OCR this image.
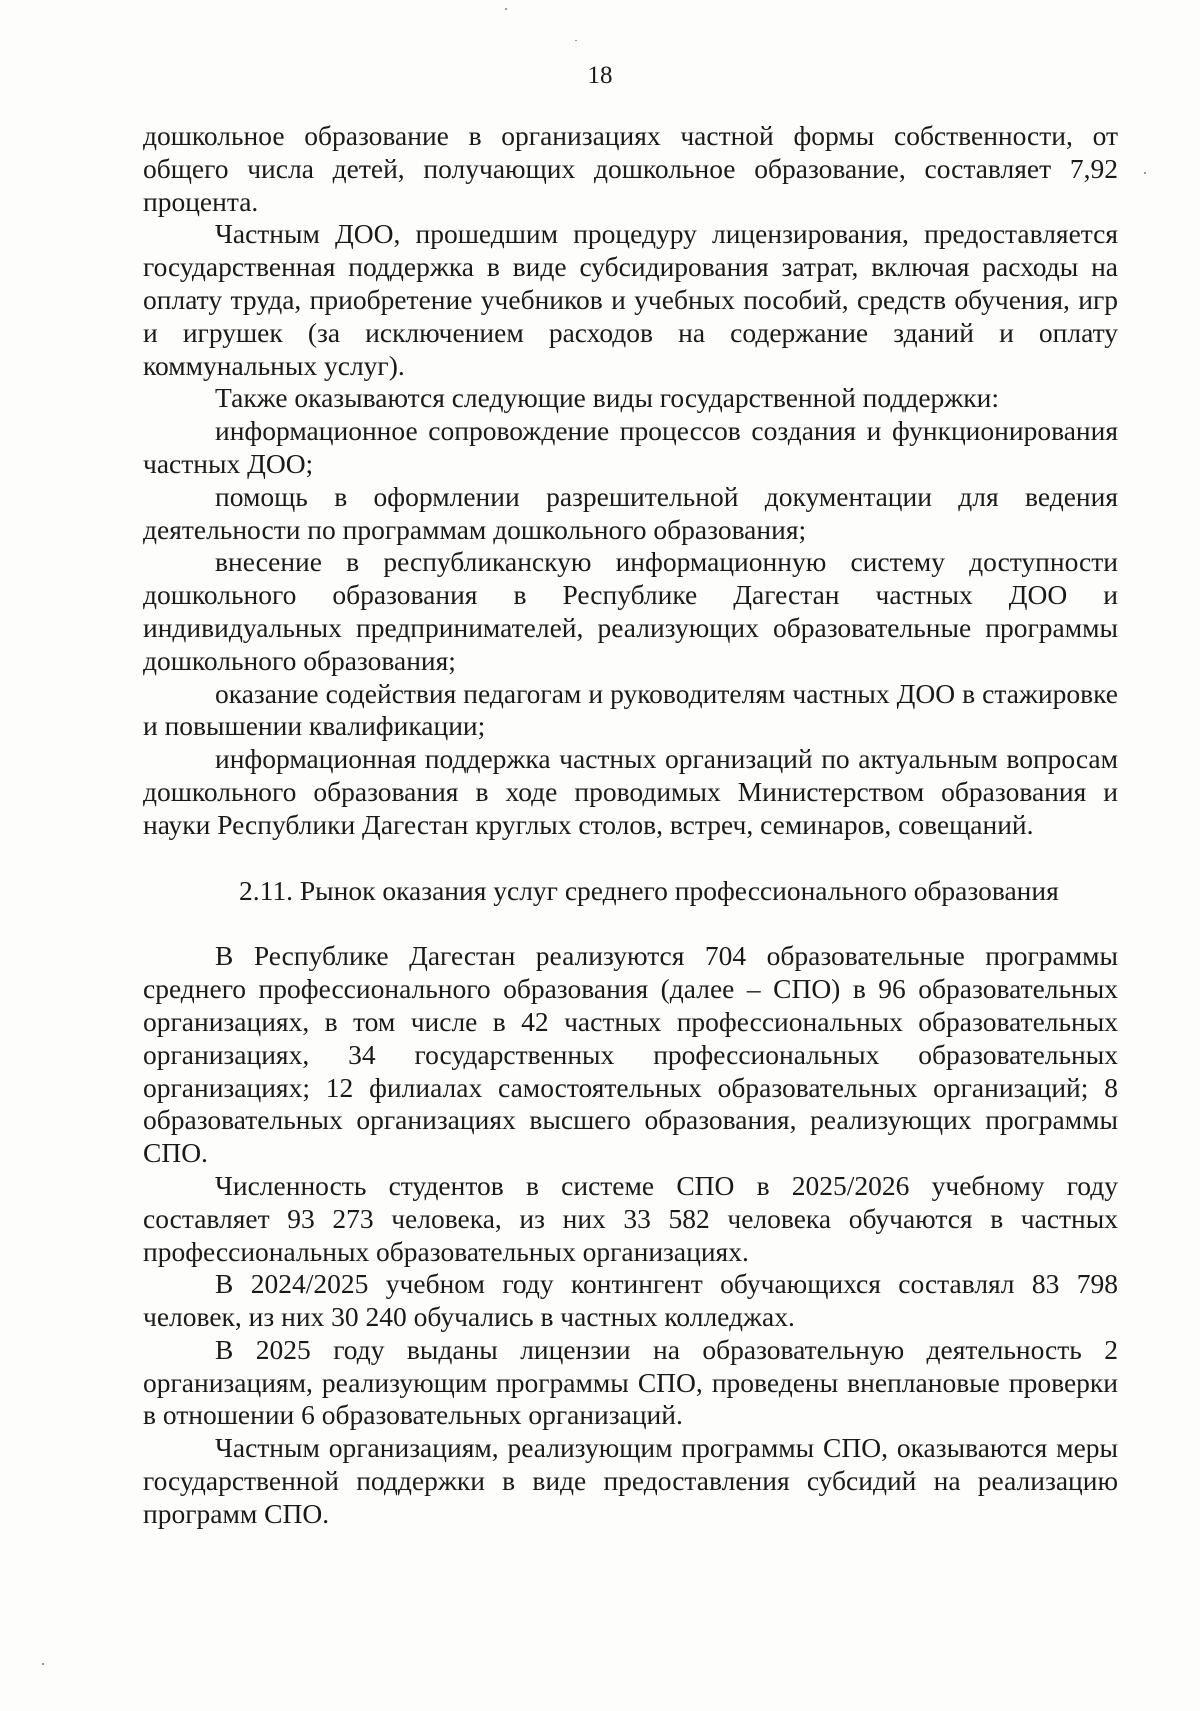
18

дошкольное образование в организациях частной формы собственности, от общего числа детей, получающих дошкольное образование, составляет 7,92 процента.

Частным ДОО, прошедшим процедуру лицензирования, предоставляется государственная поддержка в виде субсидирования затрат, включая расходы на оплату труда, приобретение учебников и учебных пособий, средств обучения, игр и игрушек (за исключением расходов на содержание зданий и оплату коммунальных услуг).

Также оказываются следующие виды государственной поддержки:

информационное сопровождение процессов создания и функционирования частных ДОО;

помощь в оформлении разрешительной документации для ведения деятельности по программам дошкольного образования;

внесение в республиканскую информационную систему доступности дошкольного образования в Республике Дагестан частных ДОО и индивидуальных предпринимателей, реализующих образовательные программы дошкольного образования;

оказание содействия педагогам и руководителям частных ДОО в стажировке и повышении квалификации;

информационная поддержка частных организаций по актуальным вопросам дошкольного образования в ходе проводимых Министерством образования и науки Республики Дагестан круглых столов, встреч, семинаров, совещаний.

2.11. Рынок оказания услуг среднего профессионального образования

В Республике Дагестан реализуются 704 образовательные программы среднего профессионального образования (далее – СПО) в 96 образовательных организациях, в том числе в 42 частных профессиональных образовательных организациях, 34 государственных профессиональных образовательных организациях; 12 филиалах самостоятельных образовательных организаций; 8 образовательных организациях высшего образования, реализующих программы СПО.

Численность студентов в системе СПО в 2025/2026 учебному году составляет 93 273 человека, из них 33 582 человека обучаются в частных профессиональных образовательных организациях.

В 2024/2025 учебном году контингент обучающихся составлял 83 798 человек, из них 30 240 обучались в частных колледжах.

В 2025 году выданы лицензии на образовательную деятельность 2 организациям, реализующим программы СПО, проведены внеплановые проверки в отношении 6 образовательных организаций.

Частным организациям, реализующим программы СПО, оказываются меры государственной поддержки в виде предоставления субсидий на реализацию программ СПО.
